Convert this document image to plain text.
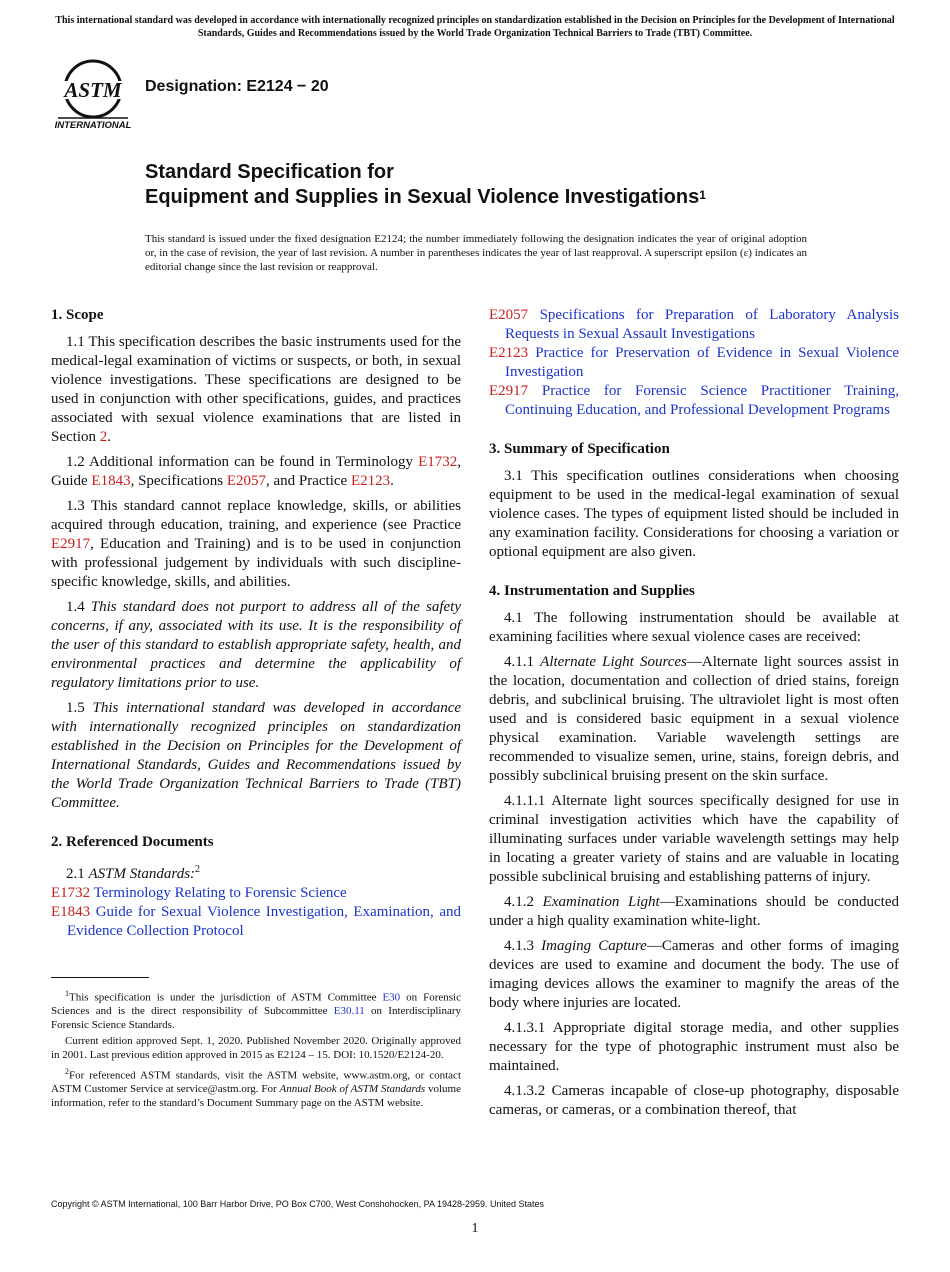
This international standard was developed in accordance with internationally recognized principles on standardization established in the Decision on Principles for the Development of International Standards, Guides and Recommendations issued by the World Trade Organization Technical Barriers to Trade (TBT) Committee.
ASTM
INTERNATIONAL
Designation: E2124 − 20
Standard Specification for
Equipment and Supplies in Sexual Violence Investigations$^1$
This standard is issued under the fixed designation E2124; the number immediately following the designation indicates the year of original adoption or, in the case of revision, the year of last revision. A number in parentheses indicates the year of last reapproval. A superscript epsilon (ε) indicates an editorial change since the last revision or reapproval.
1. Scope

1.1 This specification describes the basic instruments used for the medical-legal examination of victims or suspects, or both, in sexual violence investigations. These specifications are designed to be used in conjunction with other specifications, guides, and practices associated with sexual violence examinations that are listed in Section 2.

1.2 Additional information can be found in Terminology E1732, Guide E1843, Specifications E2057, and Practice E2123.

1.3 This standard cannot replace knowledge, skills, or abilities acquired through education, training, and experience (see Practice E2917, Education and Training) and is to be used in conjunction with professional judgement by individuals with such discipline-specific knowledge, skills, and abilities.

1.4 This standard does not purport to address all of the safety concerns, if any, associated with its use. It is the responsibility of the user of this standard to establish appropriate safety, health, and environmental practices and determine the applicability of regulatory limitations prior to use.

1.5 This international standard was developed in accordance with internationally recognized principles on standardization established in the Decision on Principles for the Development of International Standards, Guides and Recommendations issued by the World Trade Organization Technical Barriers to Trade (TBT) Committee.

2. Referenced Documents

2.1 ASTM Standards:$^2$

E1732 Terminology Relating to Forensic Science
E1843 Guide for Sexual Violence Investigation, Examination, and Evidence Collection Protocol
E2057 Specifications for Preparation of Laboratory Analysis Requests in Sexual Assault Investigations
E2123 Practice for Preservation of Evidence in Sexual Violence Investigation
E2917 Practice for Forensic Science Practitioner Training, Continuing Education, and Professional Development Programs
3. Summary of Specification

3.1 This specification outlines considerations when choosing equipment to be used in the medical-legal examination of sexual violence cases. The types of equipment listed should be included in any examination facility. Considerations for choosing a variation or optional equipment are also given.

4. Instrumentation and Supplies

4.1 The following instrumentation should be available at examining facilities where sexual violence cases are received:

4.1.1 Alternate Light Sources—Alternate light sources assist in the location, documentation and collection of dried stains, foreign debris, and subclinical bruising. The ultraviolet light is most often used and is considered basic equipment in a sexual violence physical examination. Variable wavelength settings are recommended to visualize semen, urine, stains, foreign debris, and possibly subclinical bruising present on the skin surface.

4.1.1.1 Alternate light sources specifically designed for use in criminal investigation activities which have the capability of illuminating surfaces under variable wavelength settings may help in locating a greater variety of stains and are valuable in locating possible subclinical bruising and establishing patterns of injury.

4.1.2 Examination Light—Examinations should be conducted under a high quality examination white-light.

4.1.3 Imaging Capture—Cameras and other forms of imaging devices are used to examine and document the body. The use of imaging devices allows the examiner to magnify the areas of the body where injuries are located.

4.1.3.1 Appropriate digital storage media, and other supplies necessary for the type of photographic instrument must also be maintained.

4.1.3.2 Cameras incapable of close-up photography, disposable cameras, or cameras, or a combination thereof, that

$^1$This specification is under the jurisdiction of ASTM Committee E30 on Forensic Sciences and is the direct responsibility of Subcommittee E30.11 on Interdisciplinary Forensic Science Standards.

Current edition approved Sept. 1, 2020. Published November 2020. Originally approved in 2001. Last previous edition approved in 2015 as E2124 – 15. DOI: 10.1520/E2124-20.

$^2$For referenced ASTM standards, visit the ASTM website, www.astm.org, or contact ASTM Customer Service at service@astm.org. For Annual Book of ASTM Standards volume information, refer to the standard’s Document Summary page on the ASTM website.

Copyright © ASTM International, 100 Barr Harbor Drive, PO Box C700, West Conshohocken, PA 19428-2959. United States
1
